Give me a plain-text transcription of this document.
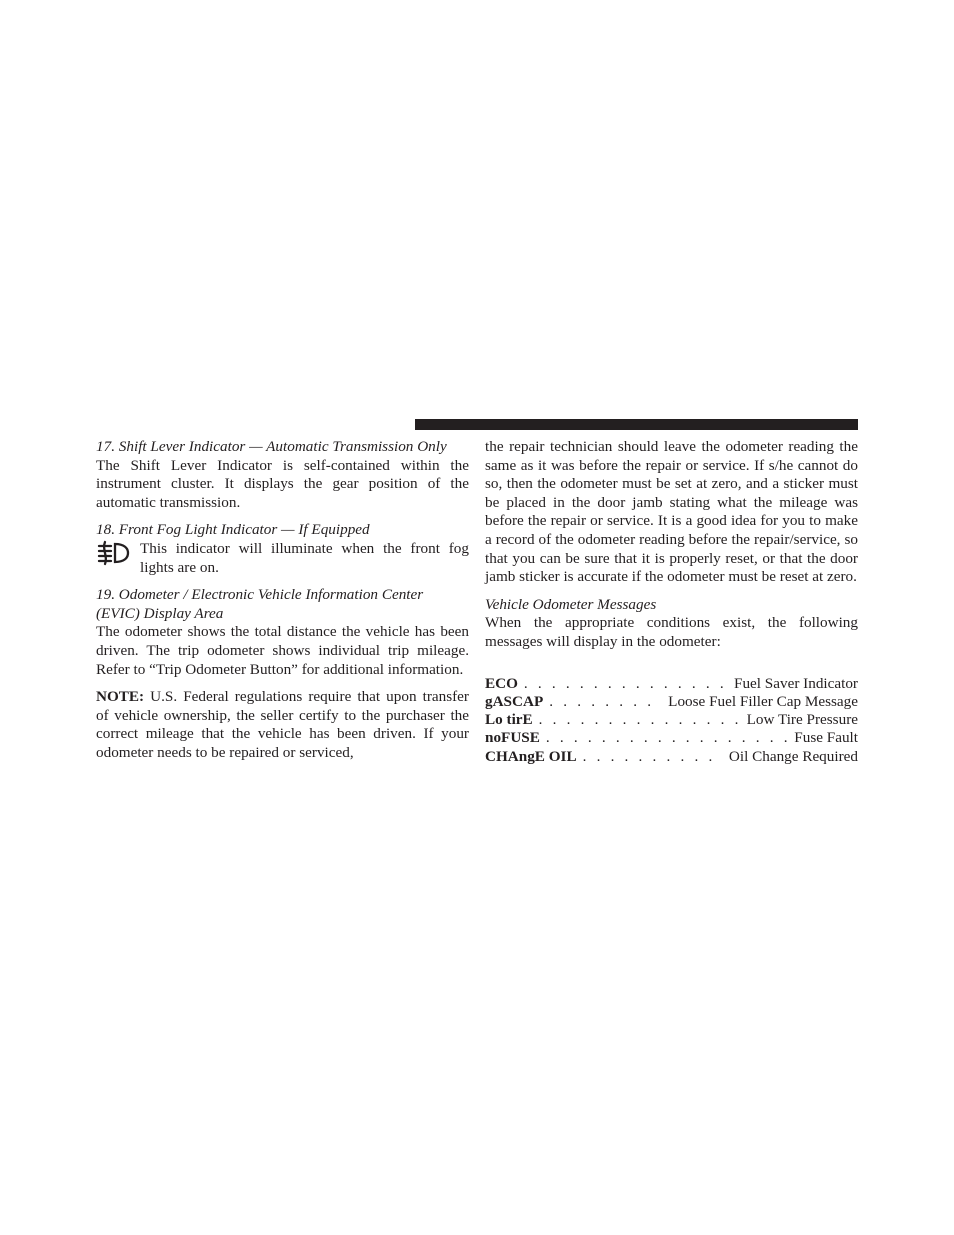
17. Shift Lever Indicator — Automatic Transmission Only

The Shift Lever Indicator is self-contained within the instrument cluster. It displays the gear position of the automatic transmission.

18. Front Fog Light Indicator — If Equipped

This indicator will illuminate when the front fog lights are on.

19. Odometer / Electronic Vehicle Information Center (EVIC) Display Area

The odometer shows the total distance the vehicle has been driven. The trip odometer shows individual trip mileage. Refer to “Trip Odometer Button” for additional information.

NOTE: U.S. Federal regulations require that upon transfer of vehicle ownership, the seller certify to the purchaser the correct mileage that the vehicle has been driven. If your odometer needs to be repaired or serviced,

the repair technician should leave the odometer reading the same as it was before the repair or service. If s/he cannot do so, then the odometer must be set at zero, and a sticker must be placed in the door jamb stating what the mileage was before the repair or service. It is a good idea for you to make a record of the odometer reading before the repair/service, so that you can be sure that it is properly reset, or that the door jamb sticker is accurate if the odometer must be reset at zero.

Vehicle Odometer Messages

When the appropriate conditions exist, the following messages will display in the odometer:

ECO . . .	Fuel Saver Indicator
gASCAP . . .	Loose Fuel Filler Cap Message
Lo tirE . . .	Low Tire Pressure
noFUSE . . .	Fuse Fault
CHAngE OIL . . .	Oil Change Required
